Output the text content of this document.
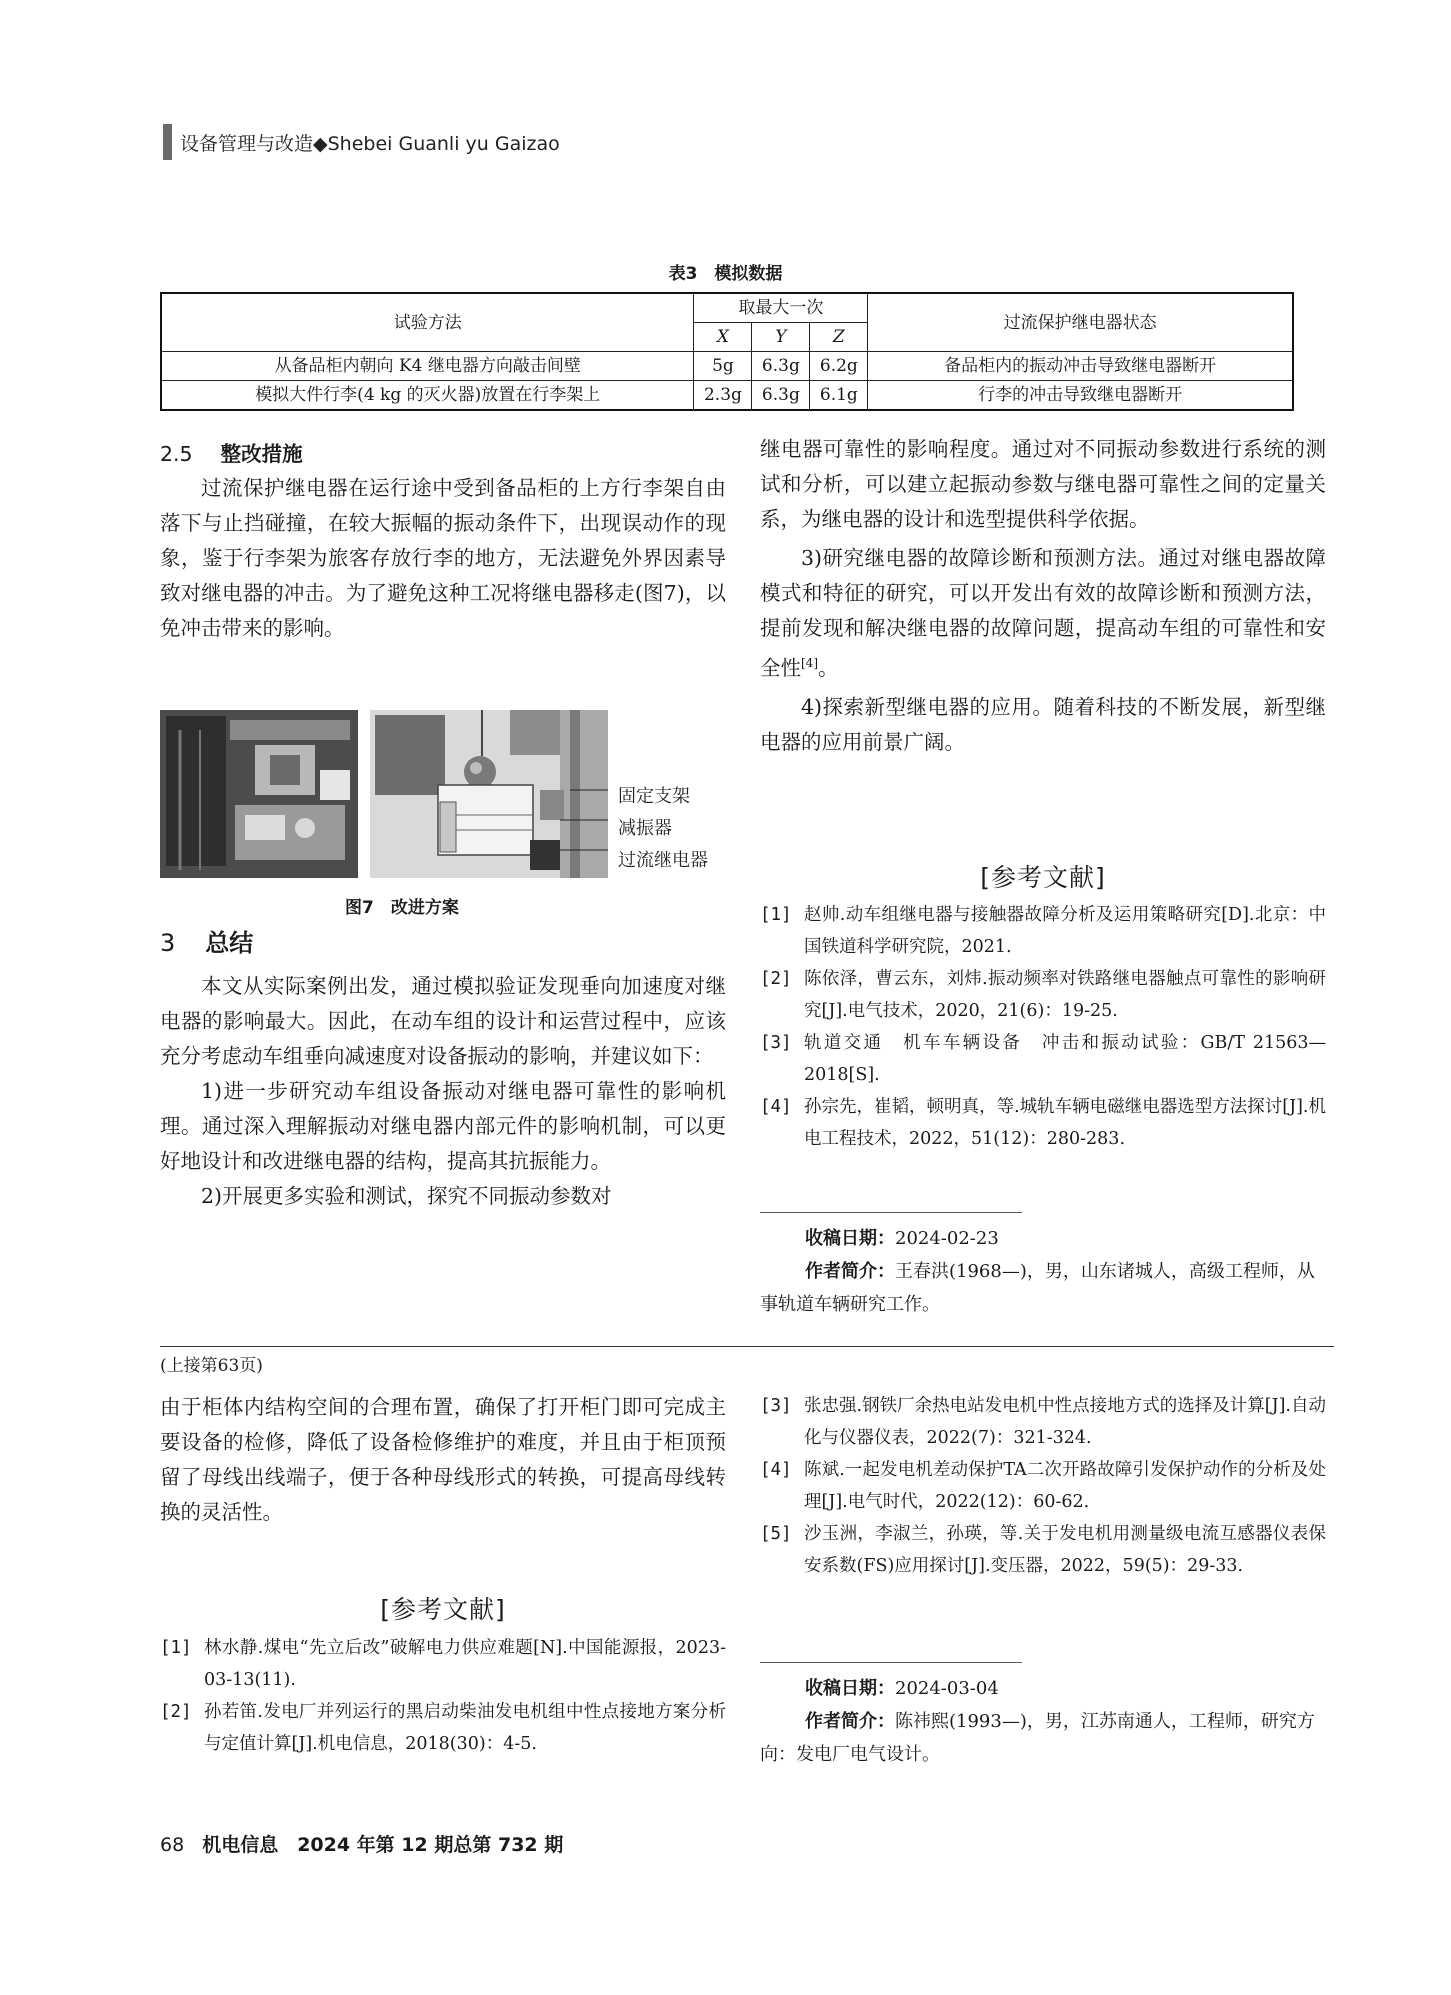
设备管理与改造◆Shebei Guanli yu Gaizao
表3　模拟数据
试验方法	取最大一次			过流保护继电器状态
	X	Y	Z	
从备品柜内朝向 K4 继电器方向敲击间壁	5g	6.3g	6.2g	备品柜内的振动冲击导致继电器断开
模拟大件行李(4 kg 的灭火器)放置在行李架上	2.3g	6.3g	6.1g	行李的冲击导致继电器断开
2.5 整改措施

过流保护继电器在运行途中受到备品柜的上方行李架自由落下与止挡碰撞，在较大振幅的振动条件下，出现误动作的现象，鉴于行李架为旅客存放行李的地方，无法避免外界因素导致对继电器的冲击。为了避免这种工况将继电器移走(图7)，以免冲击带来的影响。

固定支架
减振器
过流继电器
图7　改进方案
3 总结

本文从实际案例出发，通过模拟验证发现垂向加速度对继电器的影响最大。因此，在动车组的设计和运营过程中，应该充分考虑动车组垂向减速度对设备振动的影响，并建议如下：

1)进一步研究动车组设备振动对继电器可靠性的影响机理。通过深入理解振动对继电器内部元件的影响机制，可以更好地设计和改进继电器的结构，提高其抗振能力。

2)开展更多实验和测试，探究不同振动参数对

继电器可靠性的影响程度。通过对不同振动参数进行系统的测试和分析，可以建立起振动参数与继电器可靠性之间的定量关系，为继电器的设计和选型提供科学依据。

3)研究继电器的故障诊断和预测方法。通过对继电器故障模式和特征的研究，可以开发出有效的故障诊断和预测方法，提前发现和解决继电器的故障问题，提高动车组的可靠性和安全性[4]。

4)探索新型继电器的应用。随着科技的不断发展，新型继电器的应用前景广阔。

[参考文献]
[1] 赵帅.动车组继电器与接触器故障分析及运用策略研究[D].北京：中国铁道科学研究院，2021.
[2] 陈依泽，曹云东，刘炜.振动频率对铁路继电器触点可靠性的影响研究[J].电气技术，2020，21(6)：19-25.
[3] 轨道交通　机车车辆设备　冲击和振动试验：GB/T 21563—2018[S].
[4] 孙宗先，崔韬，顿明真，等.城轨车辆电磁继电器选型方法探讨[J].机电工程技术，2022，51(12)：280-283.
收稿日期：2024-02-23
作者简介：王春洪(1968—)，男，山东诸城人，高级工程师，从事轨道车辆研究工作。
(上接第63页)

由于柜体内结构空间的合理布置，确保了打开柜门即可完成主要设备的检修，降低了设备检修维护的难度，并且由于柜顶预留了母线出线端子，便于各种母线形式的转换，可提高母线转换的灵活性。

[参考文献]
[1] 林水静.煤电“先立后改”破解电力供应难题[N].中国能源报，2023-03-13(11).
[2] 孙若笛.发电厂并列运行的黑启动柴油发电机组中性点接地方案分析与定值计算[J].机电信息，2018(30)：4-5.
[3] 张忠强.钢铁厂余热电站发电机中性点接地方式的选择及计算[J].自动化与仪器仪表，2022(7)：321-324.
[4] 陈斌.一起发电机差动保护TA二次开路故障引发保护动作的分析及处理[J].电气时代，2022(12)：60-62.
[5] 沙玉洲，李淑兰，孙瑛，等.关于发电机用测量级电流互感器仪表保安系数(FS)应用探讨[J].变压器，2022，59(5)：29-33.
收稿日期：2024-03-04
作者简介：陈祎熙(1993—)，男，江苏南通人，工程师，研究方向：发电厂电气设计。
68 机电信息　2024 年第 12 期总第 732 期
